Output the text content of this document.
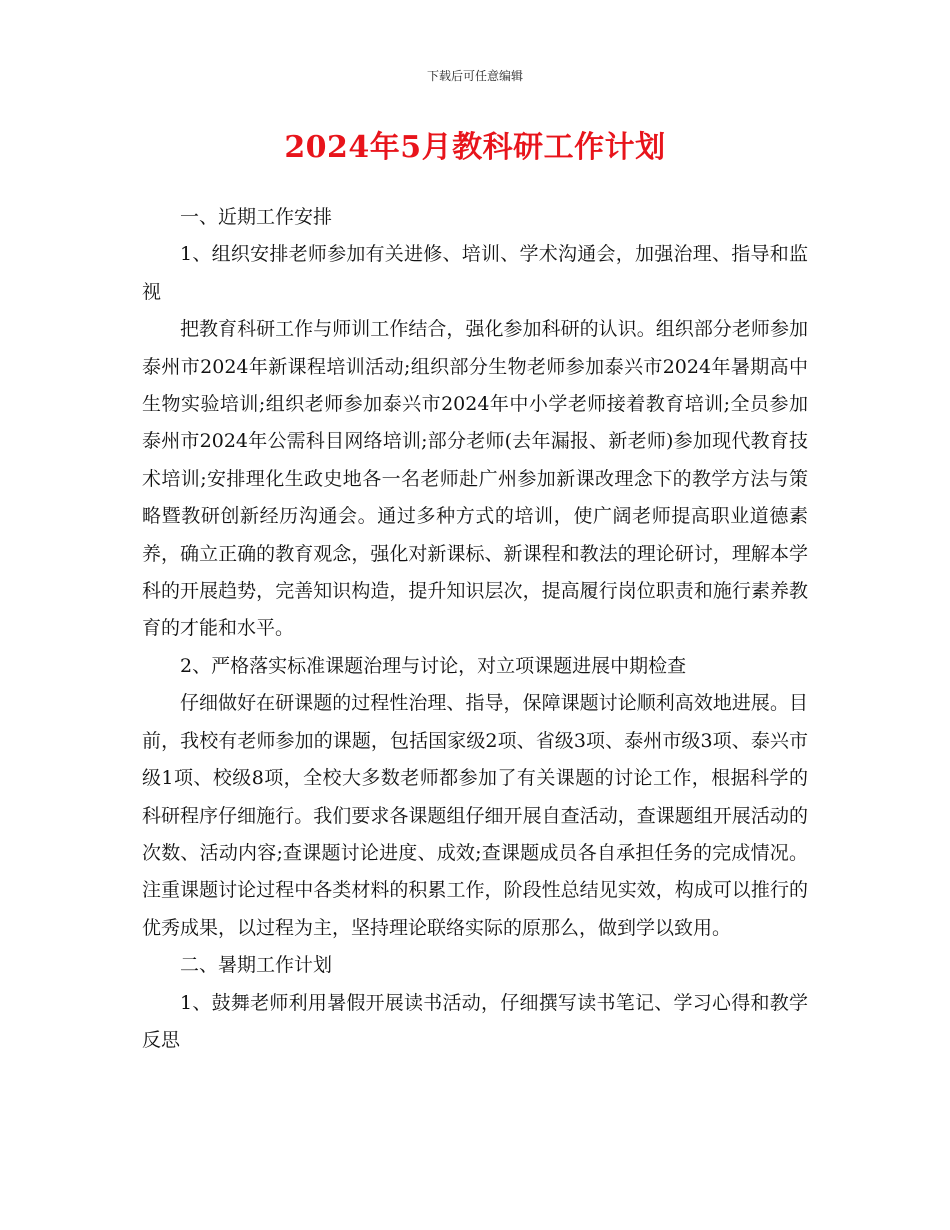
下载后可任意编辑
2024年5月教科研工作计划

一、近期工作安排

1、组织安排老师参加有关进修、培训、学术沟通会，加强治理、指导和监视

把教育科研工作与师训工作结合，强化参加科研的认识。组织部分老师参加泰州市2024年新课程培训活动;组织部分生物老师参加泰兴市2024年暑期高中生物实验培训;组织老师参加泰兴市2024年中小学老师接着教育培训;全员参加泰州市2024年公需科目网络培训;部分老师(去年漏报、新老师)参加现代教育技术培训;安排理化生政史地各一名老师赴广州参加新课改理念下的教学方法与策略暨教研创新经历沟通会。通过多种方式的培训，使广阔老师提高职业道德素养，确立正确的教育观念，强化对新课标、新课程和教法的理论研讨，理解本学科的开展趋势，完善知识构造，提升知识层次，提高履行岗位职责和施行素养教育的才能和水平。

2、严格落实标准课题治理与讨论，对立项课题进展中期检查

仔细做好在研课题的过程性治理、指导，保障课题讨论顺利高效地进展。目前，我校有老师参加的课题，包括国家级2项、省级3项、泰州市级3项、泰兴市级1项、校级8项，全校大多数老师都参加了有关课题的讨论工作，根据科学的科研程序仔细施行。我们要求各课题组仔细开展自查活动，查课题组开展活动的次数、活动内容;查课题讨论进度、成效;查课题成员各自承担任务的完成情况。注重课题讨论过程中各类材料的积累工作，阶段性总结见实效，构成可以推行的优秀成果，以过程为主，坚持理论联络实际的原那么，做到学以致用。

二、暑期工作计划

1、鼓舞老师利用暑假开展读书活动，仔细撰写读书笔记、学习心得和教学反思
